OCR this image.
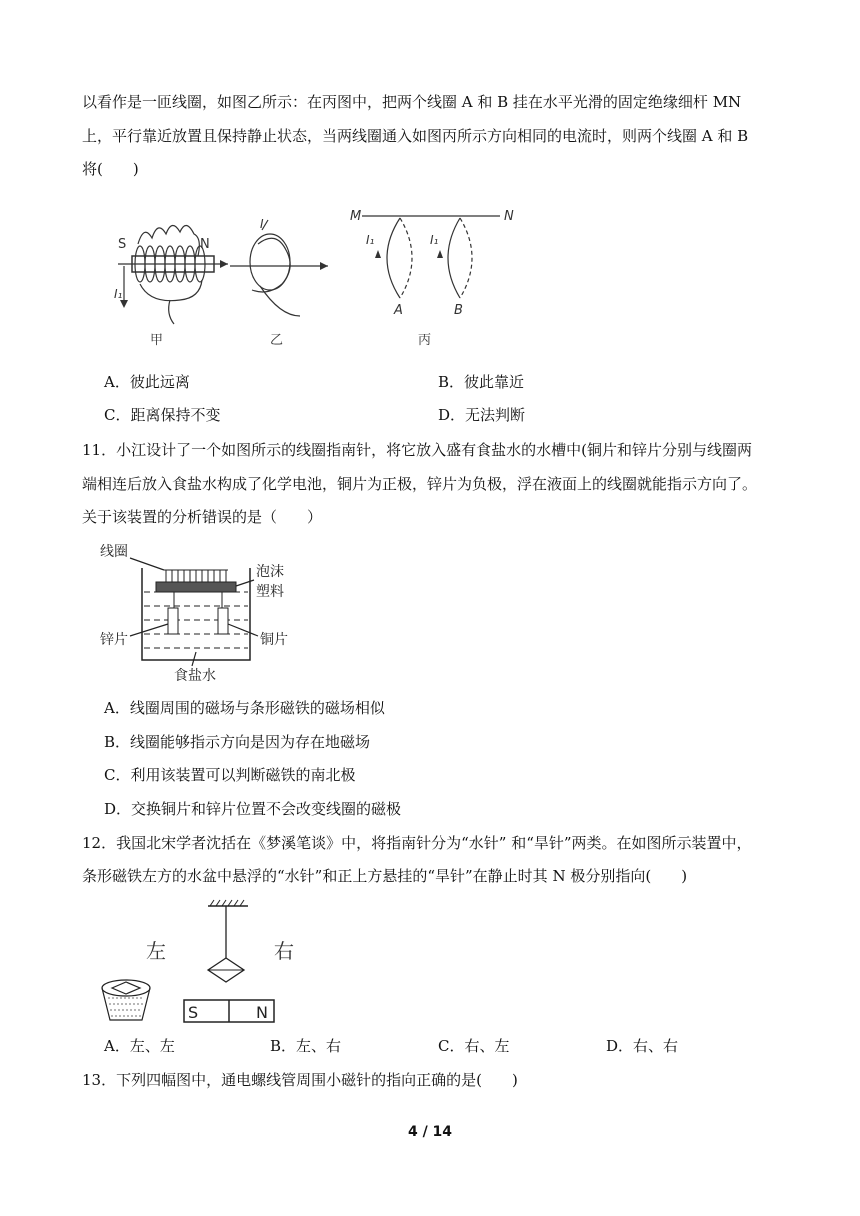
以看作是一匝线圈，如图乙所示：在丙图中，把两个线圈 A 和 B 挂在水平光滑的固定绝缘细杆 MN
上，平行靠近放置且保持静止状态，当两线圈通入如图丙所示方向相同的电流时，则两个线圈 A 和 B
将(　　)
S	N
I₁
I	M	N
I₁	I₁
A	B
甲	乙	丙
A．彼此远离	B．彼此靠近
C．距离保持不变	D．无法判断
11．小江设计了一个如图所示的线圈指南针，将它放入盛有食盐水的水槽中(铜片和锌片分别与线圈两
端相连后放入食盐水构成了化学电池，铜片为正极，锌片为负极，浮在液面上的线圈就能指示方向了。
关于该装置的分析错误的是（　　）
线圈
泡沫
塑料
锌片	铜片
食盐水
A．线圈周围的磁场与条形磁铁的磁场相似
B．线圈能够指示方向是因为存在地磁场
C．利用该装置可以判断磁铁的南北极
D．交换铜片和锌片位置不会改变线圈的磁极
12．我国北宋学者沈括在《梦溪笔谈》中，将指南针分为“水针” 和“旱针”两类。在如图所示装置中，
条形磁铁左方的水盆中悬浮的“水针”和正上方悬挂的“旱针”在静止时其 N 极分别指向(　　)
左	右
S	N
A．左、左	B．左、右	C．右、左	D．右、右
13．下列四幅图中，通电螺线管周围小磁针的指向正确的是(　　)
4 / 14
